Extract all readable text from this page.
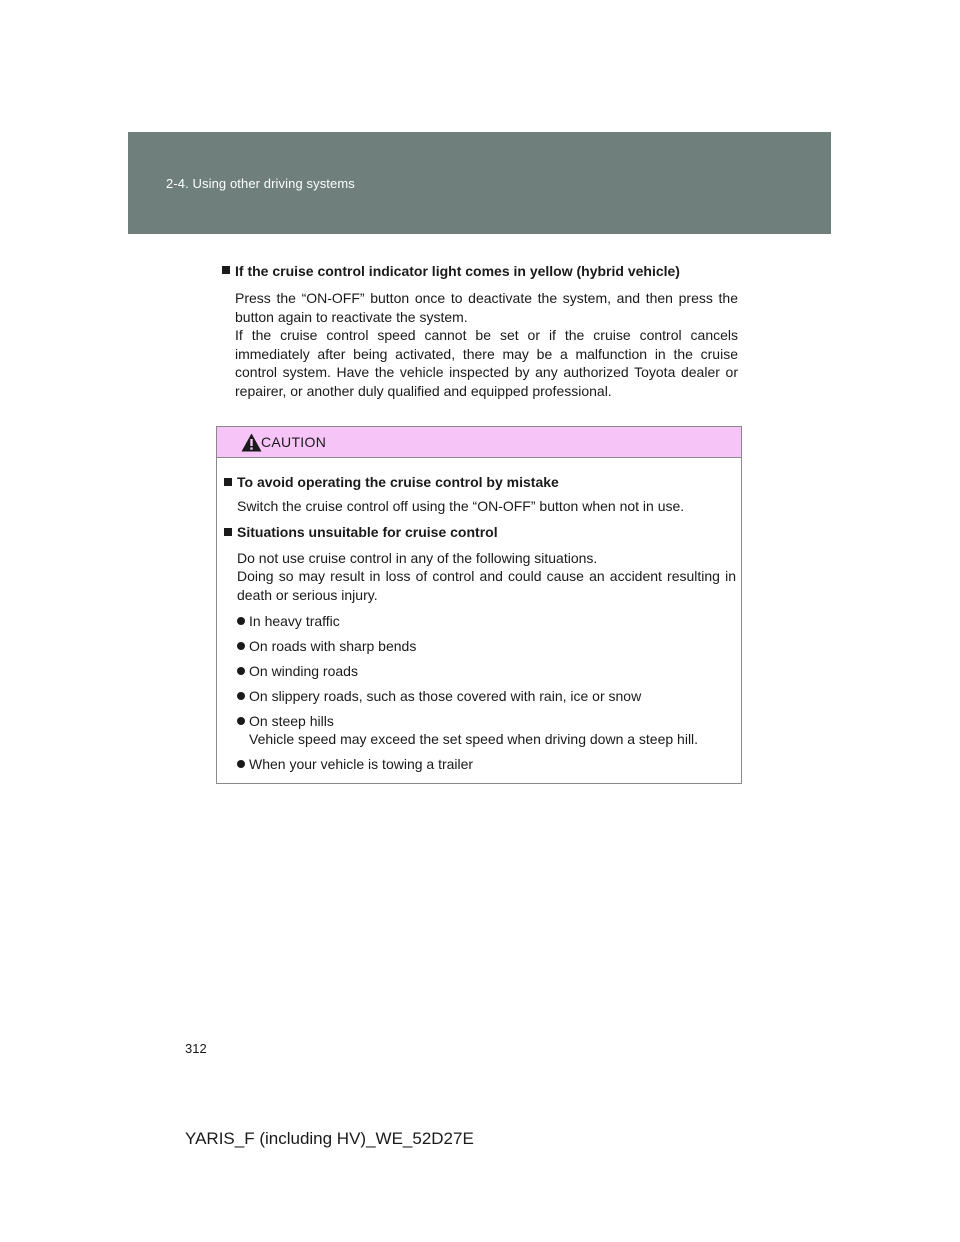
2-4. Using other driving systems
If the cruise control indicator light comes in yellow (hybrid vehicle)
Press the “ON-OFF” button once to deactivate the system, and then press the button again to reactivate the system.
If the cruise control speed cannot be set or if the cruise control cancels immediately after being activated, there may be a malfunction in the cruise control system. Have the vehicle inspected by any authorized Toyota dealer or repairer, or another duly qualified and equipped professional.
CAUTION
To avoid operating the cruise control by mistake
Switch the cruise control off using the “ON-OFF” button when not in use.
Situations unsuitable for cruise control
Do not use cruise control in any of the following situations.
Doing so may result in loss of control and could cause an accident resulting in death or serious injury.
In heavy traffic
On roads with sharp bends
On winding roads
On slippery roads, such as those covered with rain, ice or snow
On steep hills
Vehicle speed may exceed the set speed when driving down a steep hill.
When your vehicle is towing a trailer
312
YARIS_F (including HV)_WE_52D27E
